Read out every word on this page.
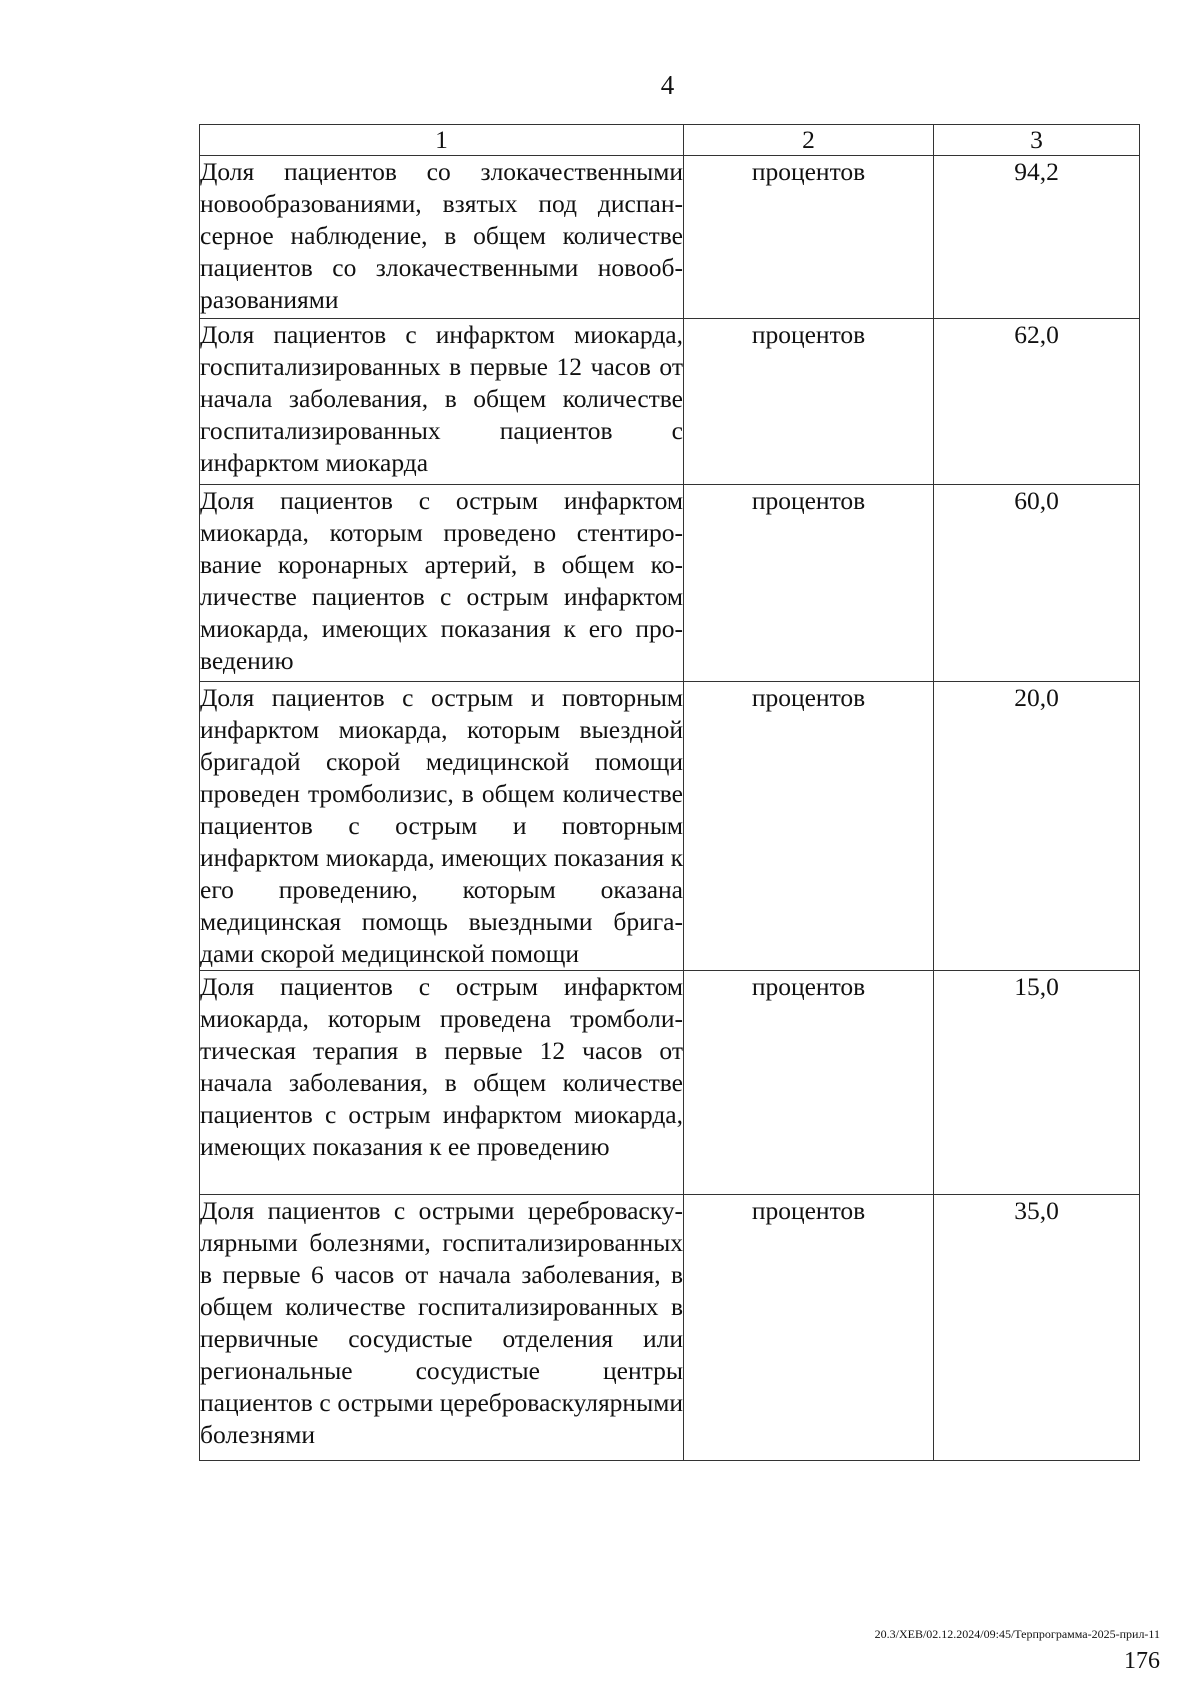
4
1	2	3
Доля пациентов со злокачественными новообразованиями, взятых под диспансерное наблюдение, в общем количестве пациентов со злокачественными новообразованиями	процентов	94,2
Доля пациентов с инфарктом миокарда, госпитализированных в первые 12 часов от начала заболевания, в общем количестве госпитализированных пациентов с инфарктом миокарда	процентов	62,0
Доля пациентов с острым инфарктом миокарда, которым проведено стентирование коронарных артерий, в общем количестве пациентов с острым инфарктом миокарда, имеющих показания к его проведению	процентов	60,0
Доля пациентов с острым и повторным инфарктом миокарда, которым выездной бригадой скорой медицинской помощи проведен тромболизис, в общем количестве пациентов с острым и повторным инфарктом миокарда, имеющих показания к его проведению, которым оказана медицинская помощь выездными бригадами скорой медицинской помощи	процентов	20,0
Доля пациентов с острым инфарктом миокарда, которым проведена тромболитическая терапия в первые 12 часов от начала заболевания, в общем количестве пациентов с острым инфарктом миокарда, имеющих показания к ее проведению	процентов	15,0
Доля пациентов с острыми цереброваскулярными болезнями, госпитализированных в первые 6 часов от начала заболевания, в общем количестве госпитализированных в первичные сосудистые отделения или региональные сосудистые центры пациентов с острыми цереброваскулярными болезнями	процентов	35,0
20.3/ХЕВ/02.12.2024/09:45/Терпрограмма-2025-прил-11
176
